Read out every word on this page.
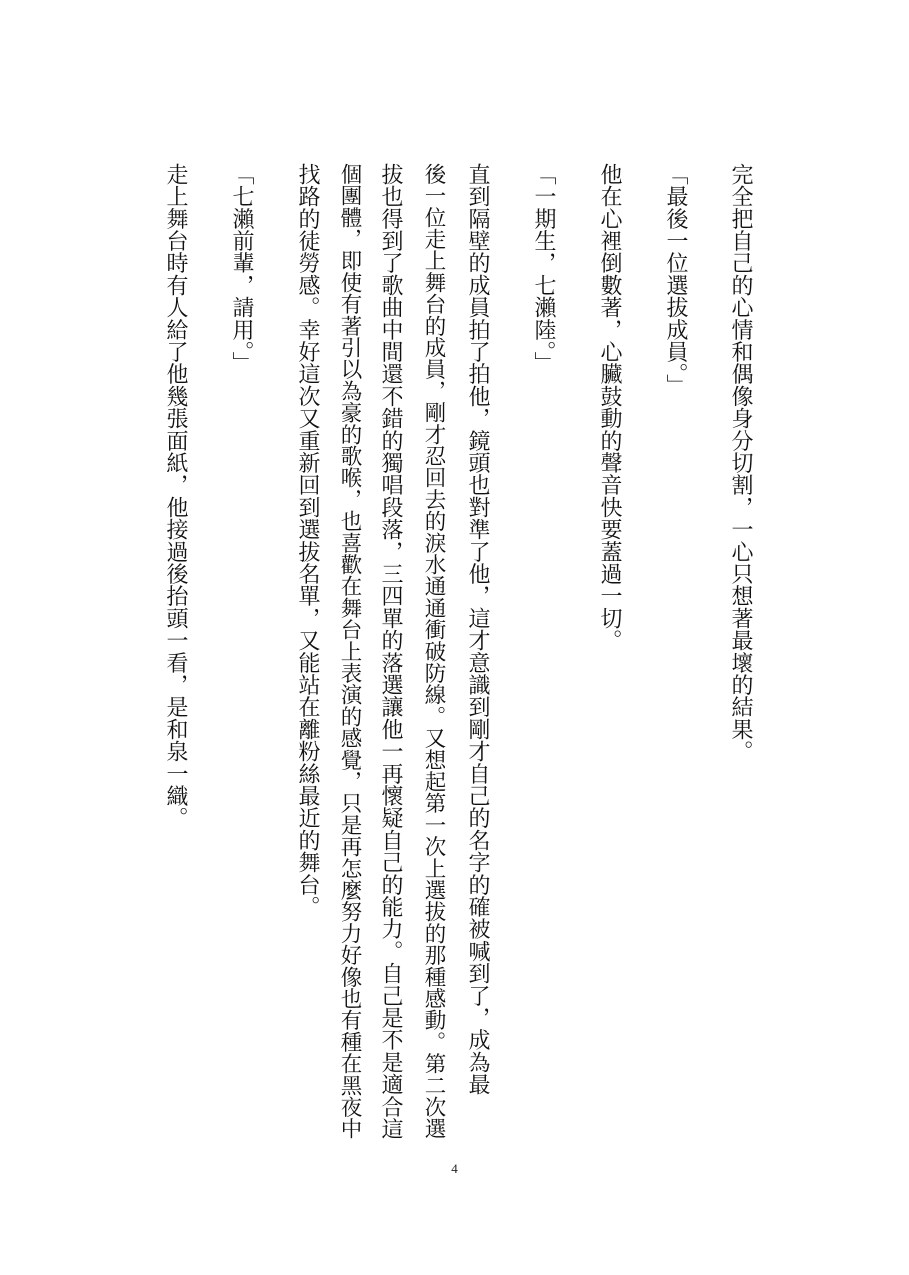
完全把自己的心情和偶像身分切割，一心只想著最壞的結果。
「最後一位選拔成員。」
他在心裡倒數著，心臟鼓動的聲音快要蓋過一切。
「一期生，七瀨陸。」
直到隔壁的成員拍了拍他，鏡頭也對準了他，這才意識到剛才自己的名字的確被喊到了，成為最
後一位走上舞台的成員，剛才忍回去的淚水通通衝破防線。又想起第一次上選拔的那種感動。第二次選
拔也得到了歌曲中間還不錯的獨唱段落，三四單的落選讓他一再懷疑自己的能力。自己是不是適合這
個團體，即使有著引以為豪的歌喉，也喜歡在舞台上表演的感覺，只是再怎麼努力好像也有種在黑夜中
找路的徒勞感。幸好這次又重新回到選拔名單，又能站在離粉絲最近的舞台。
「七瀨前輩，請用。」
走上舞台時有人給了他幾張面紙，他接過後抬頭一看，是和泉一織。
4
